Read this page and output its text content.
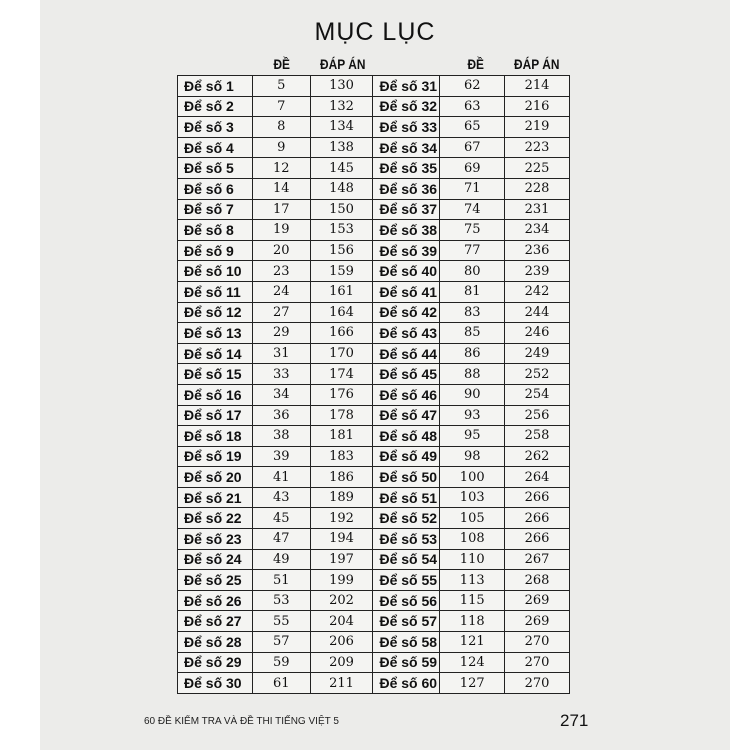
MỤC LỤC
ĐỀ ĐÁP ÁN	ĐỀ ĐÁP ÁN
Để số 1	5	130	Để số 31	62	214
Để số 2	7	132	Để số 32	63	216
Để số 3	8	134	Để số 33	65	219
Để số 4	9	138	Để số 34	67	223
Để số 5	12	145	Để số 35	69	225
Để số 6	14	148	Để số 36	71	228
Để số 7	17	150	Để số 37	74	231
Để số 8	19	153	Để số 38	75	234
Để số 9	20	156	Để số 39	77	236
Để số 10	23	159	Để số 40	80	239
Để số 11	24	161	Để số 41	81	242
Để số 12	27	164	Để số 42	83	244
Để số 13	29	166	Để số 43	85	246
Để số 14	31	170	Để số 44	86	249
Để số 15	33	174	Để số 45	88	252
Để số 16	34	176	Để số 46	90	254
Để số 17	36	178	Để số 47	93	256
Để số 18	38	181	Để số 48	95	258
Để số 19	39	183	Để số 49	98	262
Để số 20	41	186	Để số 50	100	264
Để số 21	43	189	Để số 51	103	266
Để số 22	45	192	Để số 52	105	266
Để số 23	47	194	Để số 53	108	266
Để số 24	49	197	Để số 54	110	267
Để số 25	51	199	Để số 55	113	268
Để số 26	53	202	Để số 56	115	269
Để số 27	55	204	Để số 57	118	269
Để số 28	57	206	Để số 58	121	270
Để số 29	59	209	Để số 59	124	270
Để số 30	61	211	Để số 60	127	270
60 ĐỀ KIỂM TRA VÀ ĐỀ THI TIẾNG VIỆT 5	271
